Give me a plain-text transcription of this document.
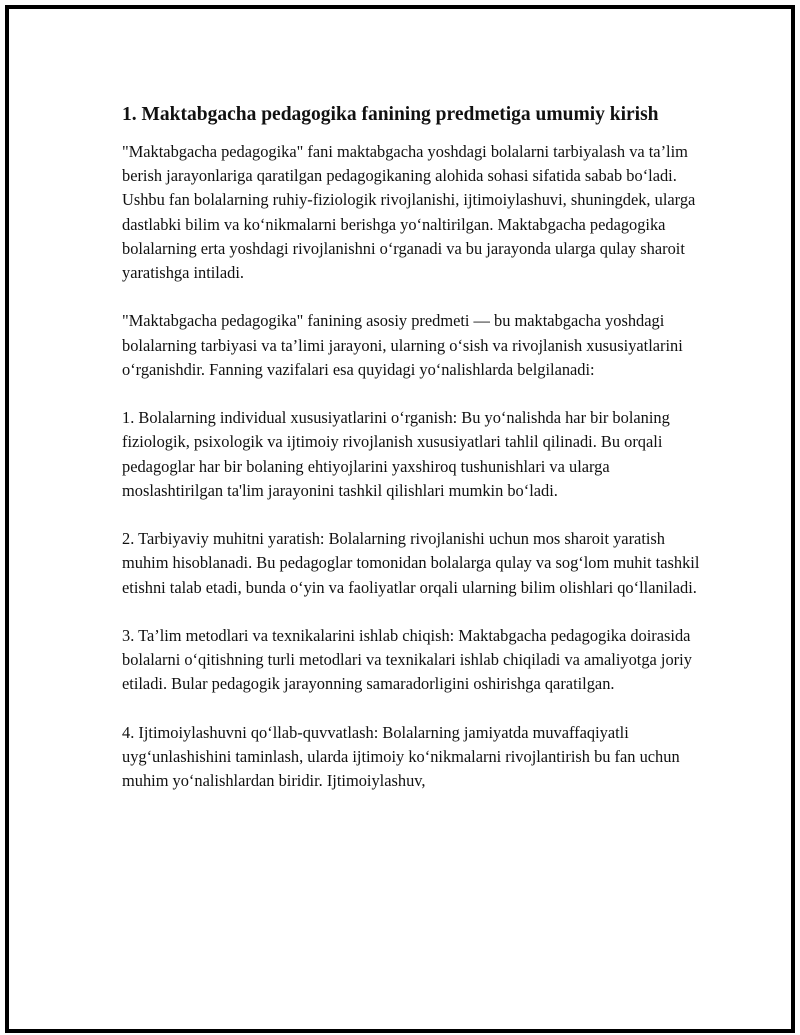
1. Maktabgacha pedagogika fanining predmetiga umumiy kirish

"Maktabgacha pedagogika" fani maktabgacha yoshdagi bolalarni tarbiyalash va ta’lim berish jarayonlariga qaratilgan pedagogikaning alohida sohasi sifatida sabab bo‘ladi. Ushbu fan bolalarning ruhiy-fiziologik rivojlanishi, ijtimoiylashuvi, shuningdek, ularga dastlabki bilim va ko‘nikmalarni berishga yo‘naltirilgan. Maktabgacha pedagogika bolalarning erta yoshdagi rivojlanishni o‘rganadi va bu jarayonda ularga qulay sharoit yaratishga intiladi.

"Maktabgacha pedagogika" fanining asosiy predmeti — bu maktabgacha yoshdagi bolalarning tarbiyasi va ta’limi jarayoni, ularning o‘sish va rivojlanish xususiyatlarini o‘rganishdir. Fanning vazifalari esa quyidagi yo‘nalishlarda belgilanadi:

1. Bolalarning individual xususiyatlarini o‘rganish: Bu yo‘nalishda har bir bolaning fiziologik, psixologik va ijtimoiy rivojlanish xususiyatlari tahlil qilinadi. Bu orqali pedagoglar har bir bolaning ehtiyojlarini yaxshiroq tushunishlari va ularga moslashtirilgan ta'lim jarayonini tashkil qilishlari mumkin bo‘ladi.

2. Tarbiyaviy muhitni yaratish: Bolalarning rivojlanishi uchun mos sharoit yaratish muhim hisoblanadi. Bu pedagoglar tomonidan bolalarga qulay va sog‘lom muhit tashkil etishni talab etadi, bunda o‘yin va faoliyatlar orqali ularning bilim olishlari qo‘llaniladi.

3. Ta’lim metodlari va texnikalarini ishlab chiqish: Maktabgacha pedagogika doirasida bolalarni o‘qitishning turli metodlari va texnikalari ishlab chiqiladi va amaliyotga joriy etiladi. Bular pedagogik jarayonning samaradorligini oshirishga qaratilgan.

4. Ijtimoiylashuvni qo‘llab-quvvatlash: Bolalarning jamiyatda muvaffaqiyatli uyg‘unlashishini taminlash, ularda ijtimoiy ko‘nikmalarni rivojlantirish bu fan uchun muhim yo‘nalishlardan biridir. Ijtimoiylashuv,
